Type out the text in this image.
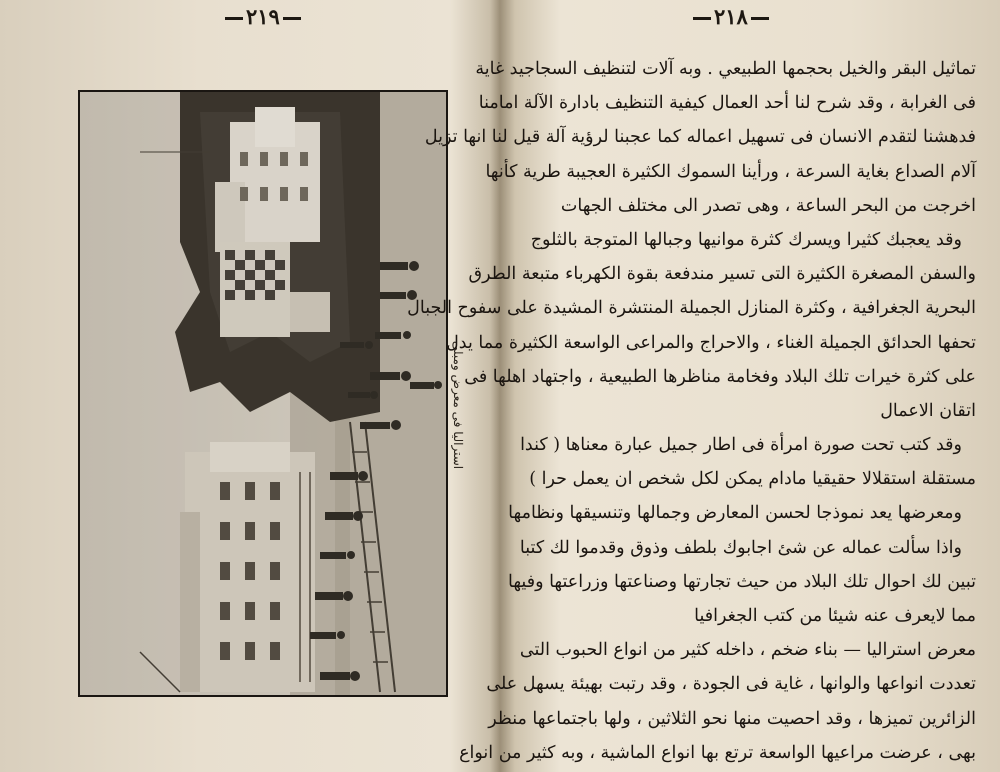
٢١٩
استراليا فى معرض ومبلى
٢١٨
تماثيل البقر والخيل بحجمها الطبيعي . وبه آلات لتنظيف السجاجيد غاية
فى الغرابة ، وقد شرح لنا أحد العمال كيفية التنظيف بادارة الآلة امامنا
فدهشنا لتقدم الانسان فى تسهيل اعماله كما عجبنا لرؤية آلة قيل لنا انها تزيل
آلام الصداع بغاية السرعة ، ورأينا السموك الكثيرة العجيبة طرية كأنها
اخرجت من البحر الساعة ، وهى تصدر الى مختلف الجهات
وقد يعجبك كثيرا ويسرك كثرة موانيها وجبالها المتوجة بالثلوج
والسفن المصغرة الكثيرة التى تسير مندفعة بقوة الكهرباء متبعة الطرق
البحرية الجغرافية ، وكثرة المنازل الجميلة المنتشرة المشيدة على سفوح الجبال
تحفها الحدائق الجميلة الغناء ، والاحراج والمراعى الواسعة الكثيرة مما يدل
على كثرة خيرات تلك البلاد وفخامة مناظرها الطبيعية ، واجتهاد اهلها فى
اتقان الاعمال
وقد كتب تحت صورة امرأة فى اطار جميل عبارة معناها ( كندا
مستقلة استقلالا حقيقيا مادام يمكن لكل شخص ان يعمل حرا )
ومعرضها يعد نموذجا لحسن المعارض وجمالها وتنسيقها ونظامها
واذا سألت عماله عن شئ اجابوك بلطف وذوق وقدموا لك كتبا
تبين لك احوال تلك البلاد من حيث تجارتها وصناعتها وزراعتها وفيها
مما لايعرف عنه شيئا من كتب الجغرافيا
معرض استراليا — بناء ضخم ، داخله كثير من انواع الحبوب التى
تعددت انواعها والوانها ، غاية فى الجودة ، وقد رتبت بهيئة يسهل على
الزائرين تميزها ، وقد احصيت منها نحو الثلاثين ، ولها باجتماعها منظر
بهى ، عرضت مراعيها الواسعة ترتع بها انواع الماشية ، وبه كثير من انواع
